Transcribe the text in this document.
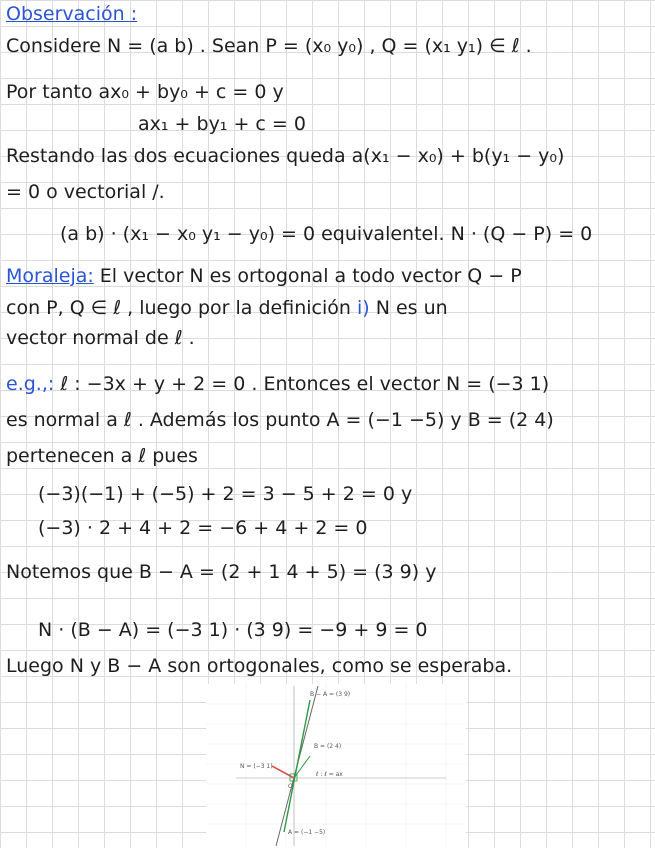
Observación :
Considere N = (a b) . Sean P = (x₀ y₀) , Q = (x₁ y₁) ∈ ℓ .
Por tanto ax₀ + by₀ + c = 0 y
ax₁ + by₁ + c = 0
Restando las dos ecuaciones queda a(x₁ − x₀) + b(y₁ − y₀)
= 0 o vectorial /.
(a b) · (x₁ − x₀ y₁ − y₀) = 0 equivalentel. N · (Q − P) = 0
Moraleja: El vector N es ortogonal a todo vector Q − P
con P, Q ∈ ℓ , luego por la definición i) N es un
vector normal de ℓ .
e.g.,: ℓ : −3x + y + 2 = 0 . Entonces el vector N = (−3 1)
es normal a ℓ . Además los punto A = (−1 −5) y B = (2 4)
pertenecen a ℓ pues
(−3)(−1) + (−5) + 2 = 3 − 5 + 2 = 0 y
(−3) · 2 + 4 + 2 = −6 + 4 + 2 = 0
Notemos que B − A = (2 + 1 4 + 5) = (3 9) y
N · (B − A) = (−3 1) · (3 9) = −9 + 9 = 0
Luego N y B − A son ortogonales, como se esperaba.
B − A = (3 9)
B = (2 4)
ℓ : ℓ = ax
N = (−3 1)
O
A = (−1 −5)
